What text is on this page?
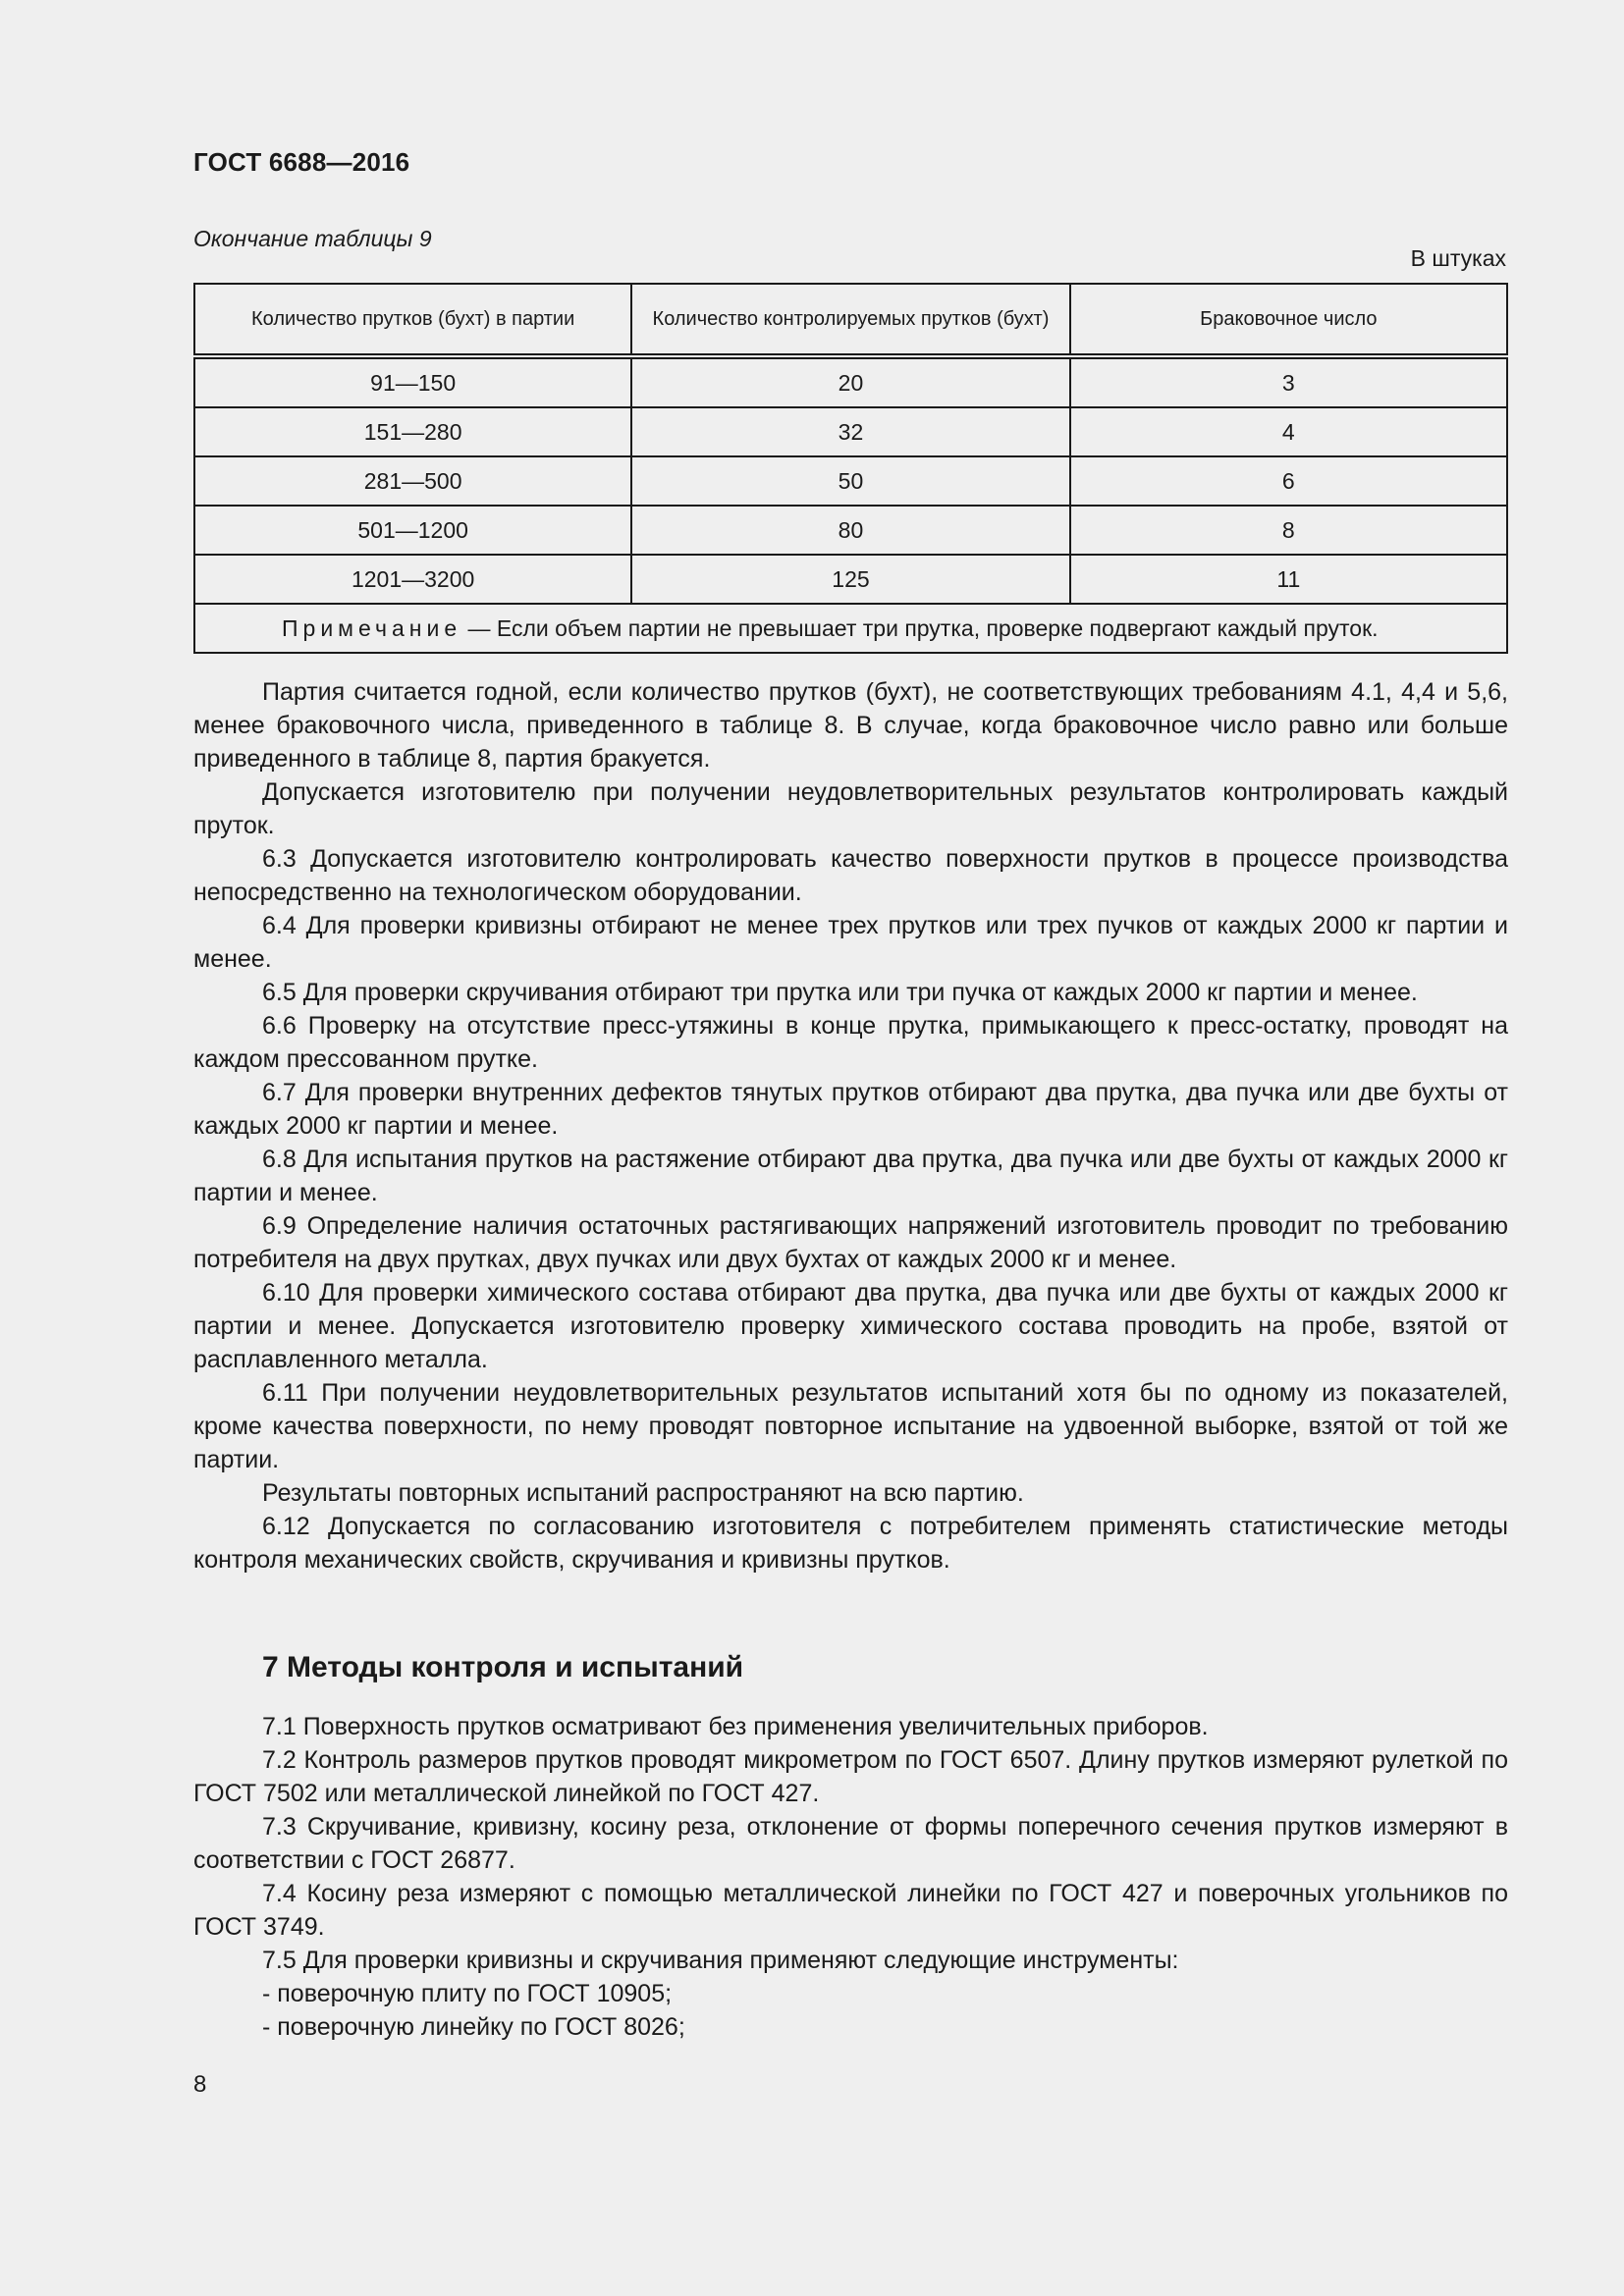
ГОСТ 6688—2016
Окончание таблицы 9
В штуках
Количество прутков (бухт) в партии	Количество контролируемых прутков (бухт)	Браковочное число
91—150	20	3
151—280	32	4
281—500	50	6
501—1200	80	8
1201—3200	125	11
Примечание — Если объем партии не превышает три прутка, проверке подвергают каждый пруток.		

Партия считается годной, если количество прутков (бухт), не соответствующих требованиям 4.1, 4,4 и 5,6, менее браковочного числа, приведенного в таблице 8. В случае, когда браковочное число равно или больше приведенного в таблице 8, партия бракуется.

Допускается изготовителю при получении неудовлетворительных результатов контролировать каждый пруток.

6.3 Допускается изготовителю контролировать качество поверхности прутков в процессе производства непосредственно на технологическом оборудовании.

6.4 Для проверки кривизны отбирают не менее трех прутков или трех пучков от каждых 2000 кг партии и менее.

6.5 Для проверки скручивания отбирают три прутка или три пучка от каждых 2000 кг партии и менее.

6.6 Проверку на отсутствие пресс-утяжины в конце прутка, примыкающего к пресс-остатку, проводят на каждом прессованном прутке.

6.7 Для проверки внутренних дефектов тянутых прутков отбирают два прутка, два пучка или две бухты от каждых 2000 кг партии и менее.

6.8 Для испытания прутков на растяжение отбирают два прутка, два пучка или две бухты от каждых 2000 кг партии и менее.

6.9 Определение наличия остаточных растягивающих напряжений изготовитель проводит по требованию потребителя на двух прутках, двух пучках или двух бухтах от каждых 2000 кг и менее.

6.10 Для проверки химического состава отбирают два прутка, два пучка или две бухты от каждых 2000 кг партии и менее. Допускается изготовителю проверку химического состава проводить на пробе, взятой от расплавленного металла.

6.11 При получении неудовлетворительных результатов испытаний хотя бы по одному из показателей, кроме качества поверхности, по нему проводят повторное испытание на удвоенной выборке, взятой от той же партии.

Результаты повторных испытаний распространяют на всю партию.

6.12 Допускается по согласованию изготовителя с потребителем применять статистические методы контроля механических свойств, скручивания и кривизны прутков.

7 Методы контроля и испытаний

7.1 Поверхность прутков осматривают без применения увеличительных приборов.

7.2 Контроль размеров прутков проводят микрометром по ГОСТ 6507. Длину прутков измеряют рулеткой по ГОСТ 7502 или металлической линейкой по ГОСТ 427.

7.3 Скручивание, кривизну, косину реза, отклонение от формы поперечного сечения прутков измеряют в соответствии с ГОСТ 26877.

7.4 Косину реза измеряют с помощью металлической линейки по ГОСТ 427 и поверочных угольников по ГОСТ 3749.

7.5 Для проверки кривизны и скручивания применяют следующие инструменты:

- поверочную плиту по ГОСТ 10905;
- поверочную линейку по ГОСТ 8026;
8
